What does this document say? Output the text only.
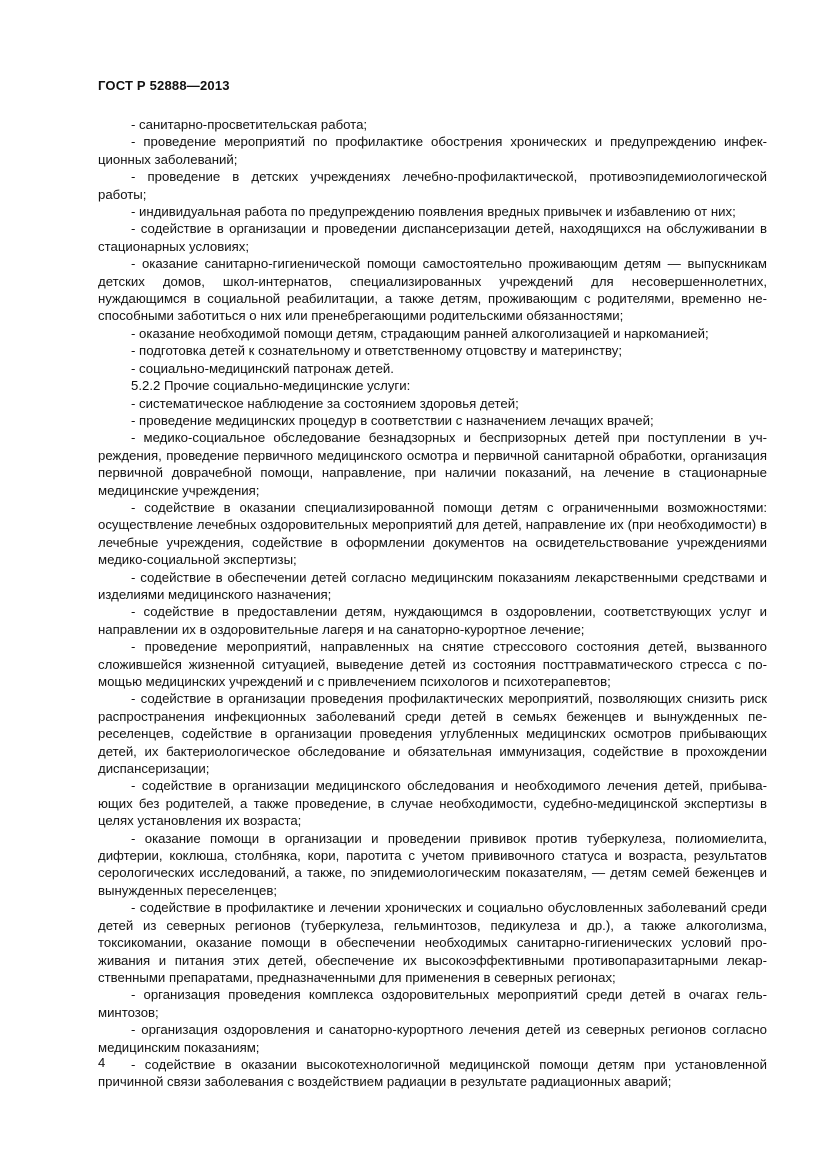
ГОСТ Р 52888—2013

- санитарно-просветительская работа;

- проведение мероприятий по профилактике обострения хронических и предупреждению инфекционных заболеваний;

- проведение в детских учреждениях лечебно-профилактической, противоэпидемиологической работы;

- индивидуальная работа по предупреждению появления вредных привычек и избавлению от них;

- содействие в организации и проведении диспансеризации детей, находящихся на обслуживании в стационарных условиях;

- оказание санитарно-гигиенической помощи самостоятельно проживающим детям — выпускникам детских домов, школ-интернатов, специализированных учреждений для несовершеннолетних, нуждающимся в социальной реабилитации, а также детям, проживающим с родителями, временно неспособными заботиться о них или пренебрегающими родительскими обязанностями;

- оказание необходимой помощи детям, страдающим ранней алкоголизацией и наркоманией;

- подготовка детей к сознательному и ответственному отцовству и материнству;

- социально-медицинский патронаж детей.

5.2.2 Прочие социально-медицинские услуги:

- систематическое наблюдение за состоянием здоровья детей;

- проведение медицинских процедур в соответствии с назначением лечащих врачей;

- медико-социальное обследование безнадзорных и беспризорных детей при поступлении в учреждения, проведение первичного медицинского осмотра и первичной санитарной обработки, организация первичной доврачебной помощи, направление, при наличии показаний, на лечение в стационарные медицинские учреждения;

- содействие в оказании специализированной помощи детям с ограниченными возможностями: осуществление лечебных оздоровительных мероприятий для детей, направление их (при необходимости) в лечебные учреждения, содействие в оформлении документов на освидетельствование учреждениями медико-социальной экспертизы;

- содействие в обеспечении детей согласно медицинским показаниям лекарственными средствами и изделиями медицинского назначения;

- содействие в предоставлении детям, нуждающимся в оздоровлении, соответствующих услуг и направлении их в оздоровительные лагеря и на санаторно-курортное лечение;

- проведение мероприятий, направленных на снятие стрессового состояния детей, вызванного сложившейся жизненной ситуацией, выведение детей из состояния посттравматического стресса с помощью медицинских учреждений и с привлечением психологов и психотерапевтов;

- содействие в организации проведения профилактических мероприятий, позволяющих снизить риск распространения инфекционных заболеваний среди детей в семьях беженцев и вынужденных переселенцев, содействие в организации проведения углубленных медицинских осмотров прибывающих детей, их бактериологическое обследование и обязательная иммунизация, содействие в прохождении диспансеризации;

- содействие в организации медицинского обследования и необходимого лечения детей, прибывающих без родителей, а также проведение, в случае необходимости, судебно-медицинской экспертизы в целях установления их возраста;

- оказание помощи в организации и проведении прививок против туберкулеза, полиомиелита, дифтерии, коклюша, столбняка, кори, паротита с учетом прививочного статуса и возраста, результатов серологических исследований, а также, по эпидемиологическим показателям, — детям семей беженцев и вынужденных переселенцев;

- содействие в профилактике и лечении хронических и социально обусловленных заболеваний среди детей из северных регионов (туберкулеза, гельминтозов, педикулеза и др.), а также алкоголизма, токсикомании, оказание помощи в обеспечении необходимых санитарно-гигиенических условий проживания и питания этих детей, обеспечение их высокоэффективными противопаразитарными лекарственными препаратами, предназначенными для применения в северных регионах;

- организация проведения комплекса оздоровительных мероприятий среди детей в очагах гельминтозов;

- организация оздоровления и санаторно-курортного лечения детей из северных регионов согласно медицинским показаниям;

- содействие в оказании высокотехнологичной медицинской помощи детям при установленной причинной связи заболевания с воздействием радиации в результате радиационных аварий;

4
